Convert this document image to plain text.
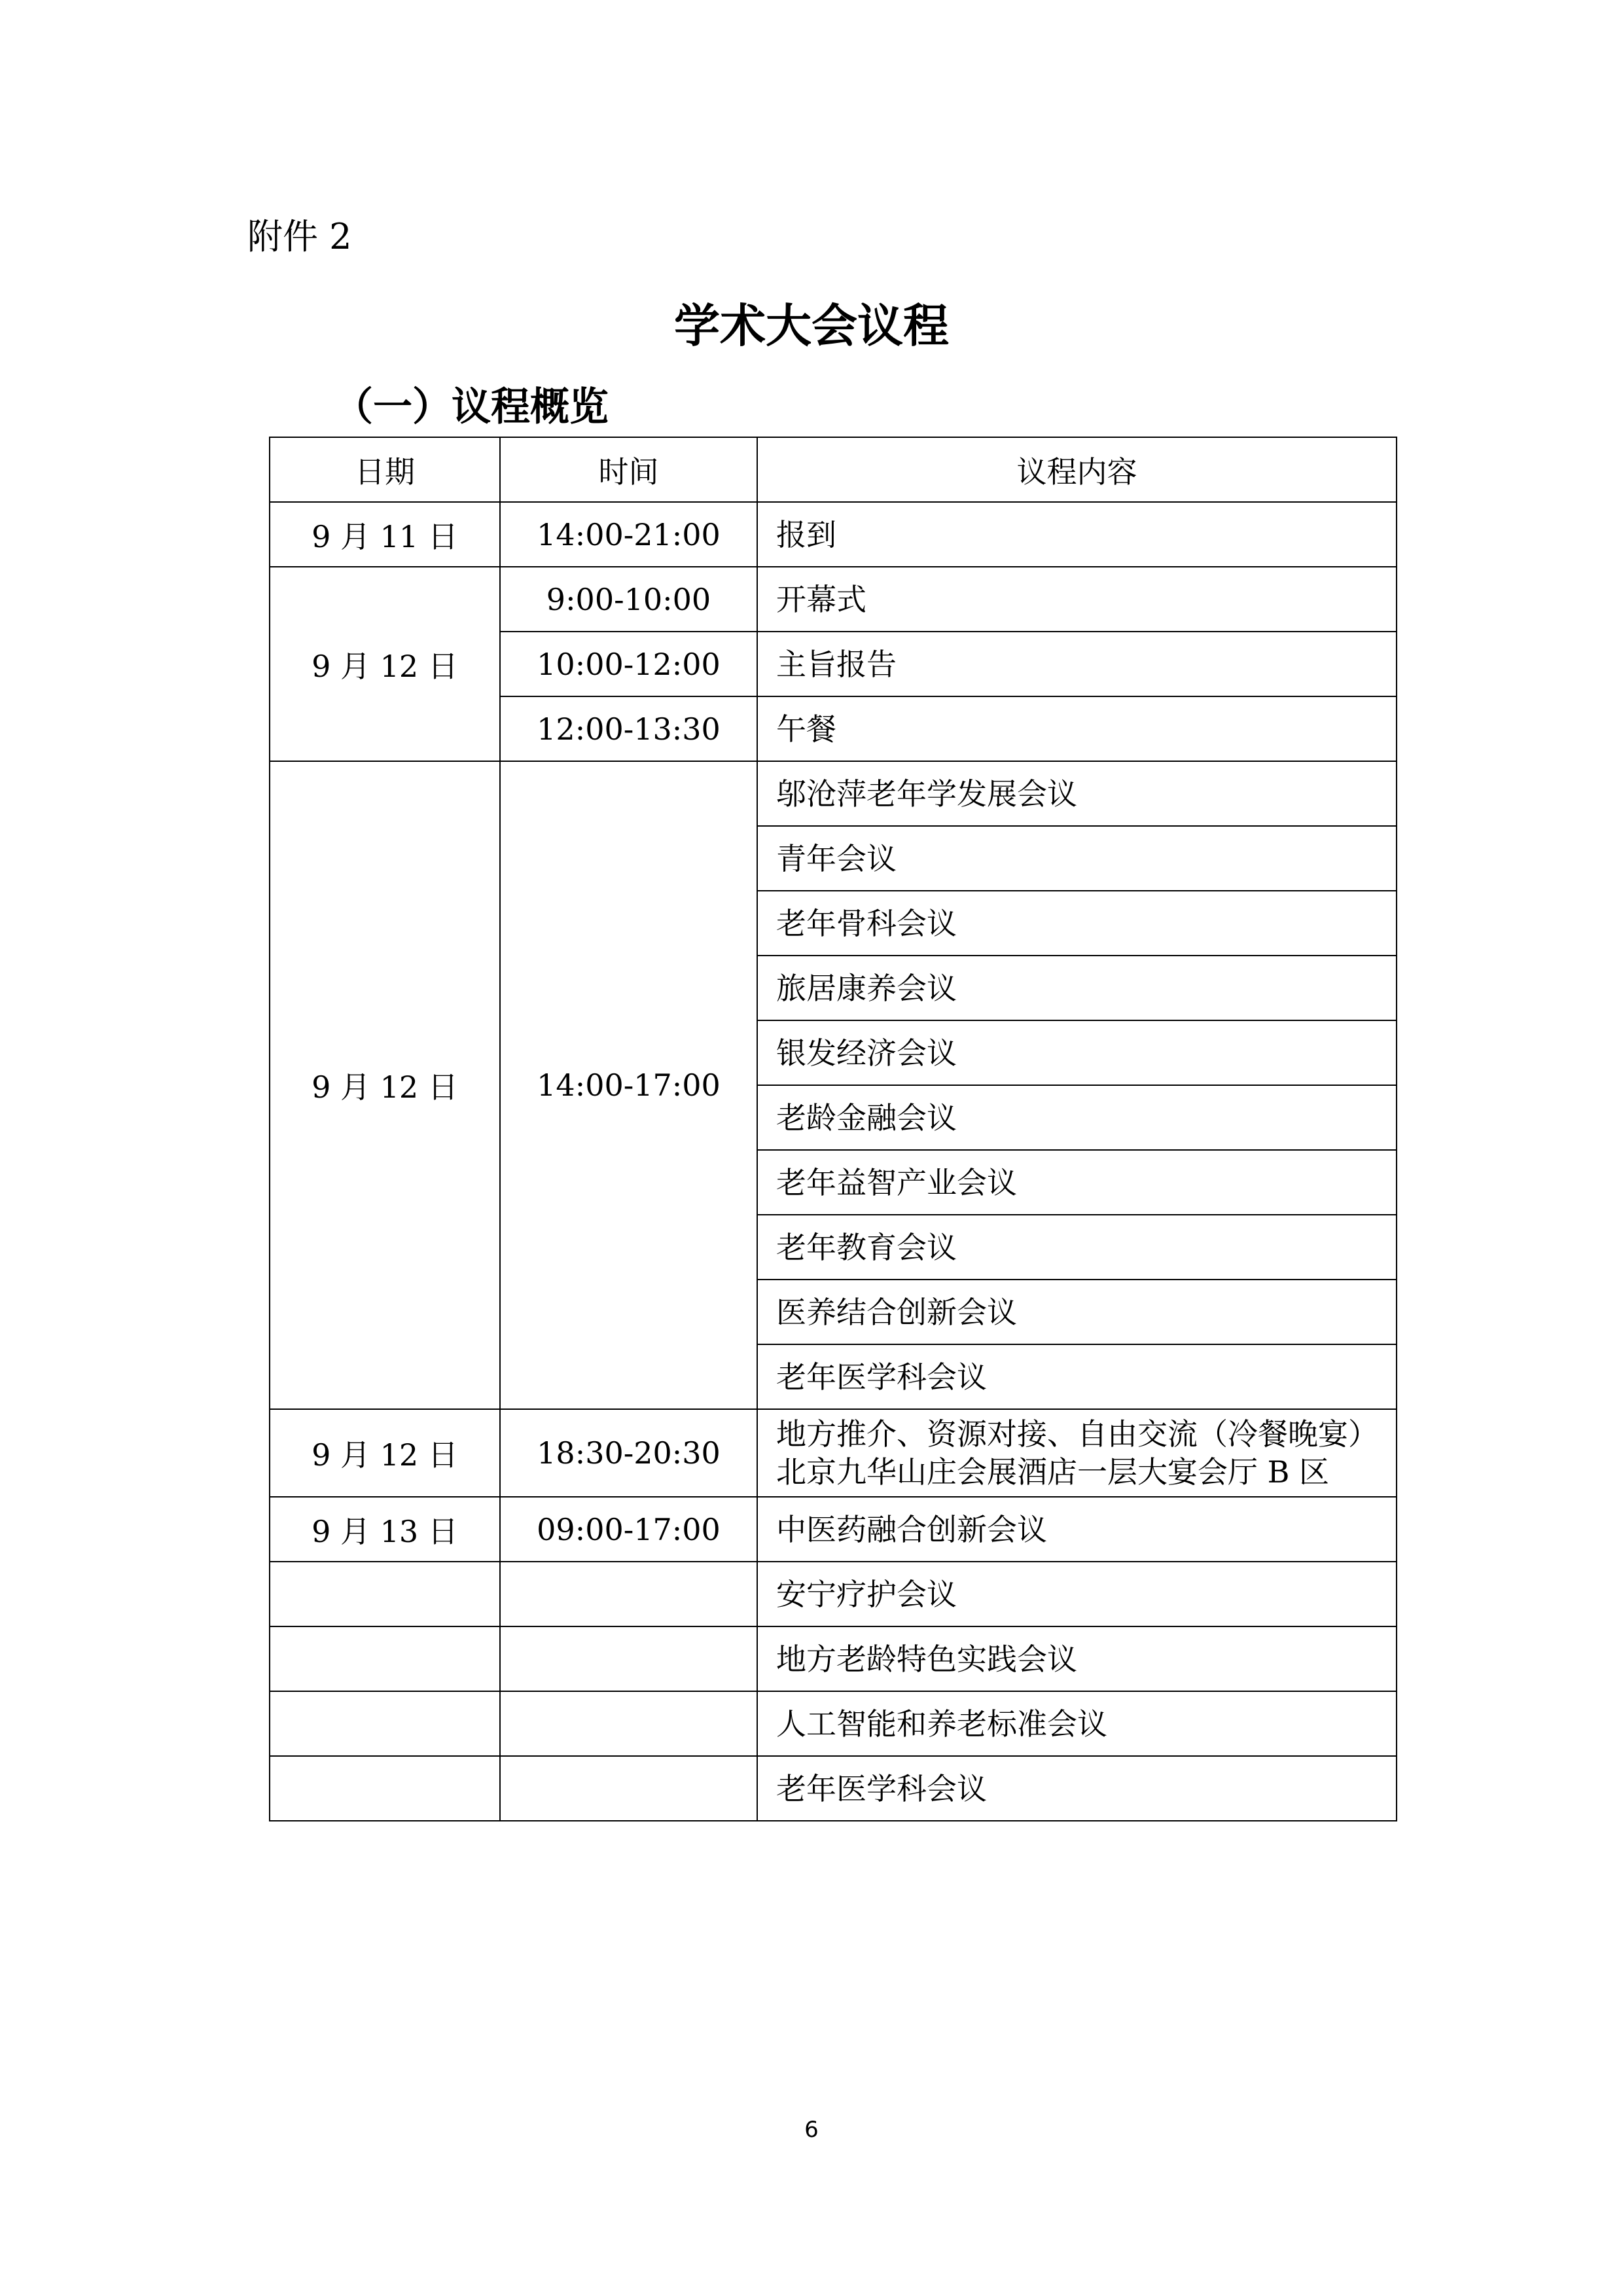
附件 2
学术大会议程
（一）议程概览
日期	时间	议程内容
9 月 11 日	14:00-21:00	报到
9 月 12 日	9:00-10:00	开幕式
	10:00-12:00	主旨报告
	12:00-13:30	午餐
9 月 12 日	14:00-17:00	邬沧萍老年学发展会议
		青年会议
		老年骨科会议
		旅居康养会议
		银发经济会议
		老龄金融会议
		老年益智产业会议
		老年教育会议
		医养结合创新会议
		老年医学科会议
9 月 12 日	18:30-20:30	地方推介、资源对接、自由交流（冷餐晚宴）
北京九华山庄会展酒店一层大宴会厅 B 区

9 月 13 日	09:00-17:00	中医药融合创新会议
		安宁疗护会议
		地方老龄特色实践会议
		人工智能和养老标准会议
		老年医学科会议
6
